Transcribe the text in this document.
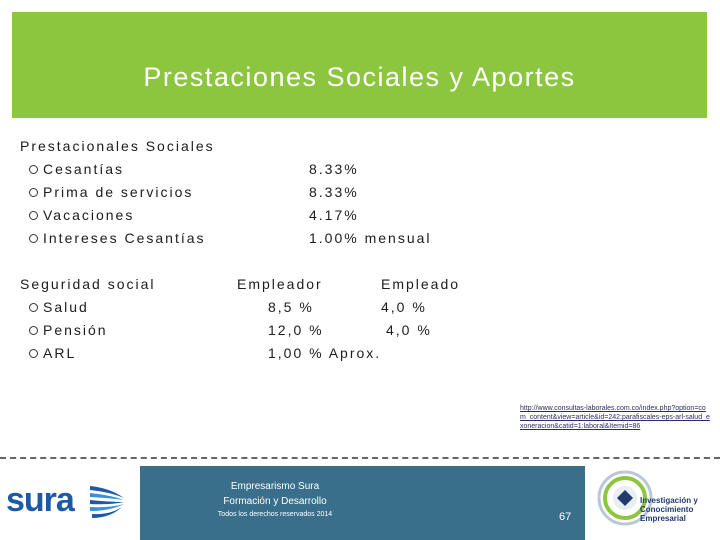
Prestaciones Sociales y Aportes
Prestacionales Sociales
Cesantías	8.33%
Prima de servicios	8.33%
Vacaciones	4.17%
Intereses Cesantías	1.00% mensual
Seguridad social	Empleador	Empleado
Salud	8,5 %	4,0 %
Pensión	12,0 %	4,0 %
ARL	1,00 % Aprox.
http://www.consultas-laborales.com.co/index.php?option=com_content&view=article&id=242:parafiscales-eps-arl-salud_exoneracion&catid=1:laboral&Itemid=86
sura	Empresarismo Sura
Formación y Desarrollo
Todos los derechos reservados 2014	67
Investigación y Conocimiento Empresarial
